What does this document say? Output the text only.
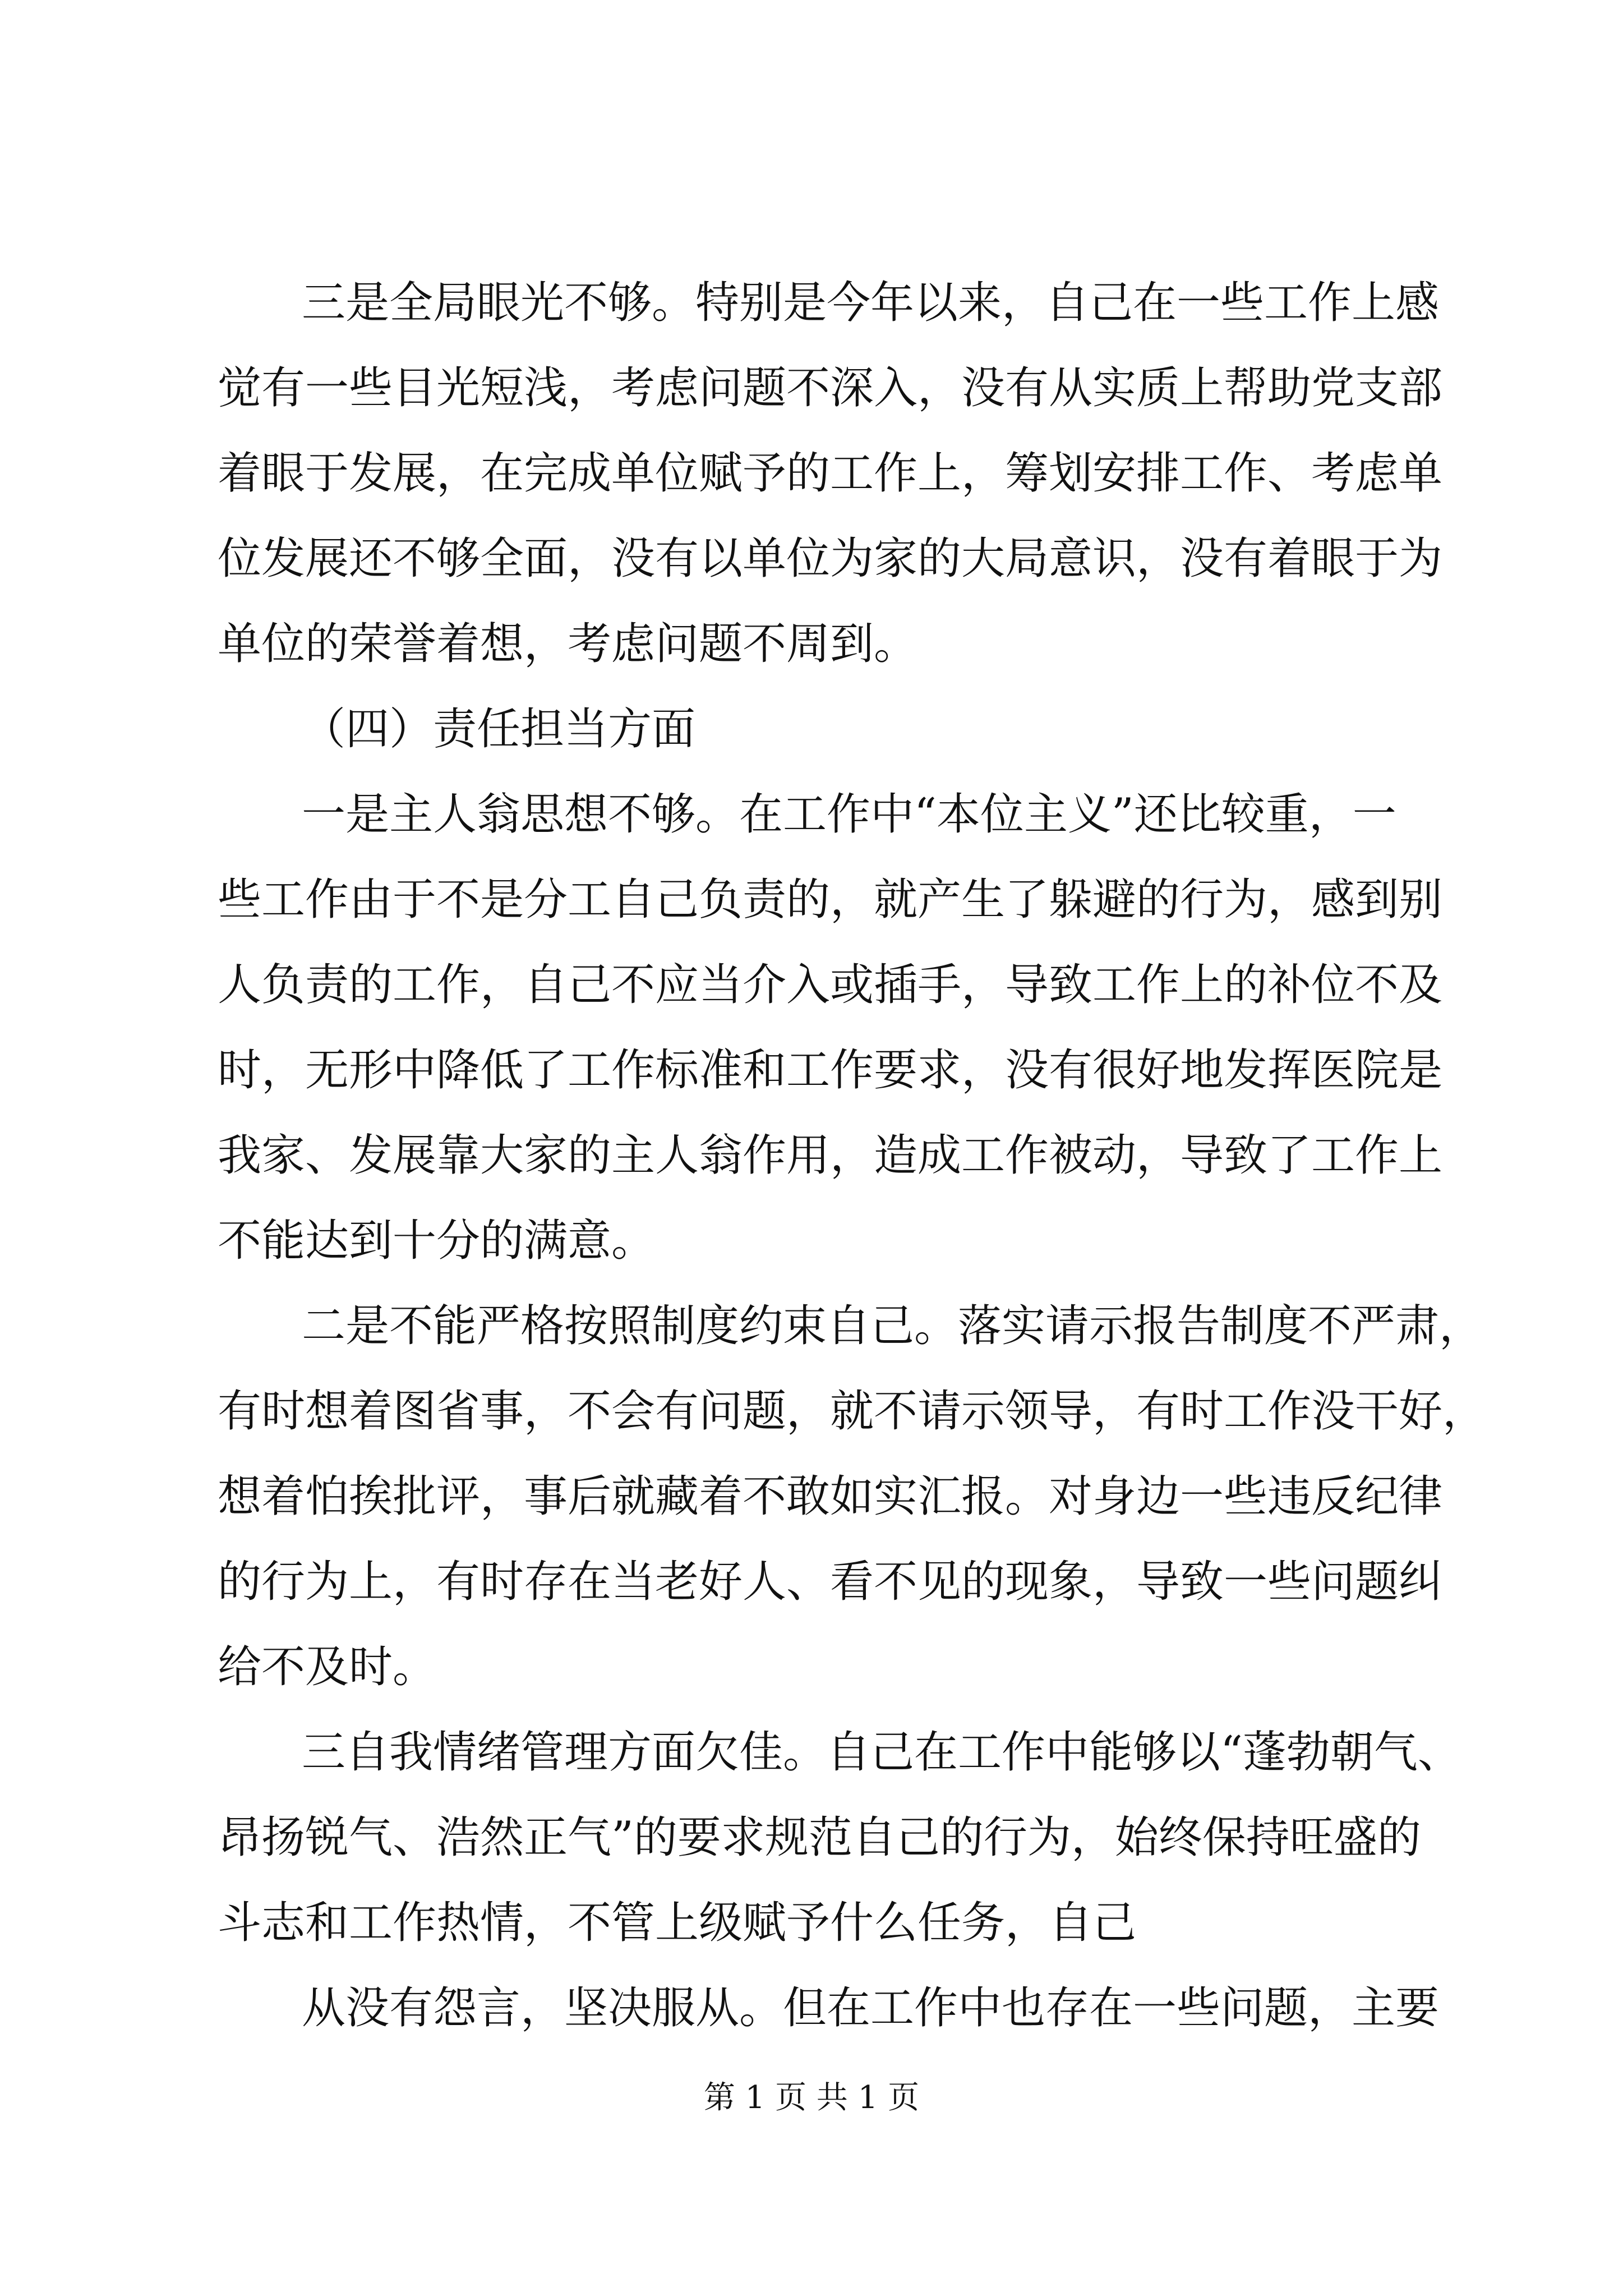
三是全局眼光不够。特别是今年以来，自己在一些工作上感
觉有一些目光短浅，考虑问题不深入，没有从实质上帮助党支部
着眼于发展，在完成单位赋予的工作上，筹划安排工作、考虑单
位发展还不够全面，没有以单位为家的大局意识，没有着眼于为
单位的荣誉着想，考虑问题不周到。
（四）责任担当方面
一是主人翁思想不够。在工作中“本位主义”还比较重，一
些工作由于不是分工自己负责的，就产生了躲避的行为，感到别
人负责的工作，自己不应当介入或插手，导致工作上的补位不及
时，无形中降低了工作标准和工作要求，没有很好地发挥医院是
我家、发展靠大家的主人翁作用，造成工作被动，导致了工作上
不能达到十分的满意。
二是不能严格按照制度约束自己。落实请示报告制度不严肃，
有时想着图省事，不会有问题，就不请示领导，有时工作没干好，
想着怕挨批评，事后就藏着不敢如实汇报。对身边一些违反纪律
的行为上，有时存在当老好人、看不见的现象，导致一些问题纠
给不及时。
三自我情绪管理方面欠佳。自己在工作中能够以“蓬勃朝气、
昂扬锐气、浩然正气”的要求规范自己的行为，始终保持旺盛的
斗志和工作热情，不管上级赋予什么任务，自己
从没有怨言，坚决服从。但在工作中也存在一些问题，主要
第 1 页 共 1 页
